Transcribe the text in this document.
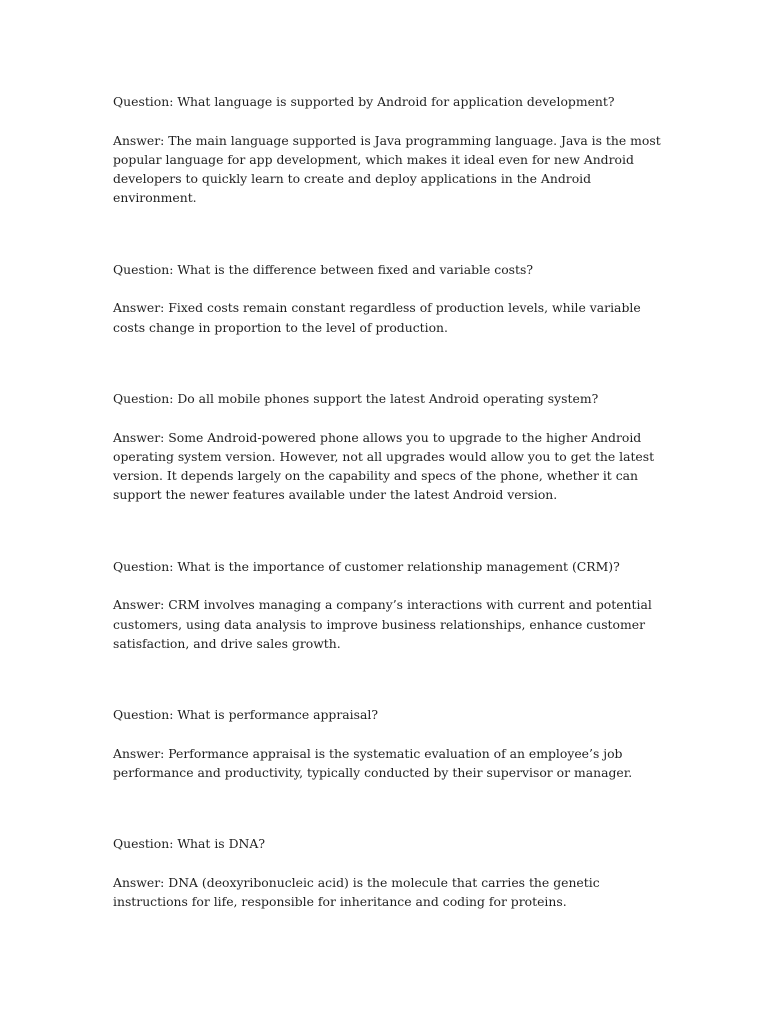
Question: What language is supported by Android for application development?

Answer: The main language supported is Java programming language. Java is the most popular language for app development, which makes it ideal even for new Android developers to quickly learn to create and deploy applications in the Android environment.

Question: What is the difference between fixed and variable costs?

Answer: Fixed costs remain constant regardless of production levels, while variable costs change in proportion to the level of production.

Question: Do all mobile phones support the latest Android operating system?

Answer: Some Android-powered phone allows you to upgrade to the higher Android operating system version. However, not all upgrades would allow you to get the latest version. It depends largely on the capability and specs of the phone, whether it can support the newer features available under the latest Android version.

Question: What is the importance of customer relationship management (CRM)?

Answer: CRM involves managing a company’s interactions with current and potential customers, using data analysis to improve business relationships, enhance customer satisfaction, and drive sales growth.

Question: What is performance appraisal?

Answer: Performance appraisal is the systematic evaluation of an employee’s job performance and productivity, typically conducted by their supervisor or manager.

Question: What is DNA?

Answer: DNA (deoxyribonucleic acid) is the molecule that carries the genetic instructions for life, responsible for inheritance and coding for proteins.
